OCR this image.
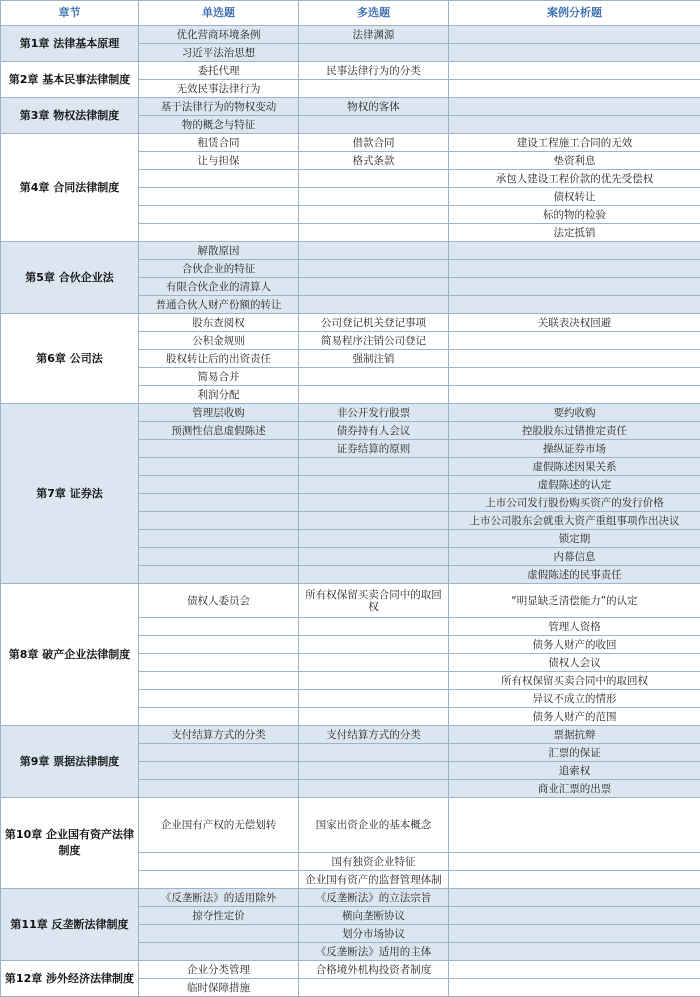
章节	单选题	多选题	案例分析题
第1章 法律基本原理	优化营商环境条例	法律渊源	
	习近平法治思想		
第2章 基本民事法律制度	委托代理	民事法律行为的分类	
	无效民事法律行为		
第3章 物权法律制度	基于法律行为的物权变动	物权的客体	
	物的概念与特征		
第4章 合同法律制度	租赁合同	借款合同	建设工程施工合同的无效
	让与担保	格式条款	垫资利息
			承包人建设工程价款的优先受偿权
			债权转让
			标的物的检验
			法定抵销
第5章 合伙企业法	解散原因		
	合伙企业的特征		
	有限合伙企业的清算人		
	普通合伙人财产份额的转让		
第6章 公司法	股东查阅权	公司登记机关登记事项	关联表决权回避
	公积金规则	简易程序注销公司登记	
	股权转让后的出资责任	强制注销	
	简易合并		
	利润分配		
第7章 证券法	管理层收购	非公开发行股票	要约收购
	预测性信息虚假陈述	债券持有人会议	控股股东过错推定责任
		证券结算的原则	操纵证券市场
			虚假陈述因果关系
			虚假陈述的认定
			上市公司发行股份购买资产的发行价格
			上市公司股东会就重大资产重组事项作出决议
			锁定期
			内幕信息
			虚假陈述的民事责任
第8章 破产企业法律制度	债权人委员会	所有权保留买卖合同中的取回权	“明显缺乏清偿能力”的认定
			管理人资格
			债务人财产的收回
			债权人会议
			所有权保留买卖合同中的取回权
			异议不成立的情形
			债务人财产的范围
第9章 票据法律制度	支付结算方式的分类	支付结算方式的分类	票据抗辩
			汇票的保证
			追索权
			商业汇票的出票
第10章 企业国有资产法律制度	企业国有产权的无偿划转	国家出资企业的基本概念	
		国有独资企业特征	
		企业国有资产的监督管理体制	
第11章 反垄断法律制度	《反垄断法》的适用除外	《反垄断法》的立法宗旨	
	掠夺性定价	横向垄断协议	
		划分市场协议	
		《反垄断法》适用的主体	
第12章 涉外经济法律制度	企业分类管理	合格境外机构投资者制度	
	临时保障措施		
